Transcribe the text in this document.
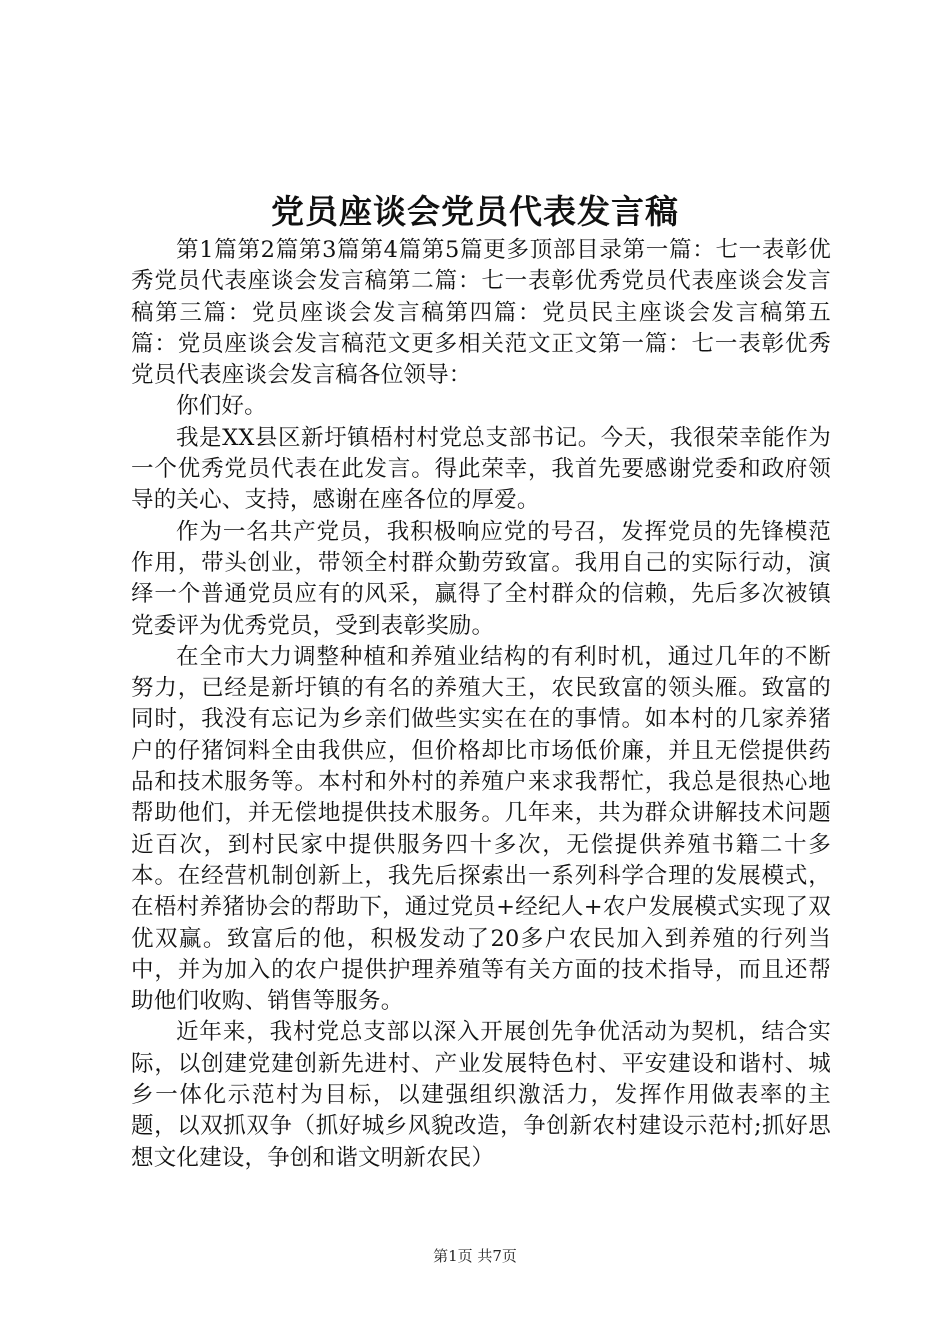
党员座谈会党员代表发言稿

第1篇第2篇第3篇第4篇第5篇更多顶部目录第一篇：七一表彰优秀党员代表座谈会发言稿第二篇：七一表彰优秀党员代表座谈会发言稿第三篇：党员座谈会发言稿第四篇：党员民主座谈会发言稿第五篇：党员座谈会发言稿范文更多相关范文正文第一篇：七一表彰优秀党员代表座谈会发言稿各位领导：

你们好。

我是XX县区新圩镇梧村村党总支部书记。今天，我很荣幸能作为一个优秀党员代表在此发言。得此荣幸，我首先要感谢党委和政府领导的关心、支持，感谢在座各位的厚爱。

作为一名共产党员，我积极响应党的号召，发挥党员的先锋模范作用，带头创业，带领全村群众勤劳致富。我用自己的实际行动，演绎一个普通党员应有的风采，赢得了全村群众的信赖，先后多次被镇党委评为优秀党员，受到表彰奖励。

在全市大力调整种植和养殖业结构的有利时机，通过几年的不断努力，已经是新圩镇的有名的养殖大王，农民致富的领头雁。致富的同时，我没有忘记为乡亲们做些实实在在的事情。如本村的几家养猪户的仔猪饲料全由我供应，但价格却比市场低价廉，并且无偿提供药品和技术服务等。本村和外村的养殖户来求我帮忙，我总是很热心地帮助他们，并无偿地提供技术服务。几年来，共为群众讲解技术问题近百次，到村民家中提供服务四十多次，无偿提供养殖书籍二十多本。在经营机制创新上，我先后探索出一系列科学合理的发展模式，在梧村养猪协会的帮助下，通过党员+经纪人+农户发展模式实现了双优双赢。致富后的他，积极发动了20多户农民加入到养殖的行列当中，并为加入的农户提供护理养殖等有关方面的技术指导，而且还帮助他们收购、销售等服务。

近年来，我村党总支部以深入开展创先争优活动为契机，结合实际，以创建党建创新先进村、产业发展特色村、平安建设和谐村、城乡一体化示范村为目标，以建强组织激活力，发挥作用做表率的主题，以双抓双争（抓好城乡风貌改造，争创新农村建设示范村;抓好思想文化建设，争创和谐文明新农民）

第1页 共7页
